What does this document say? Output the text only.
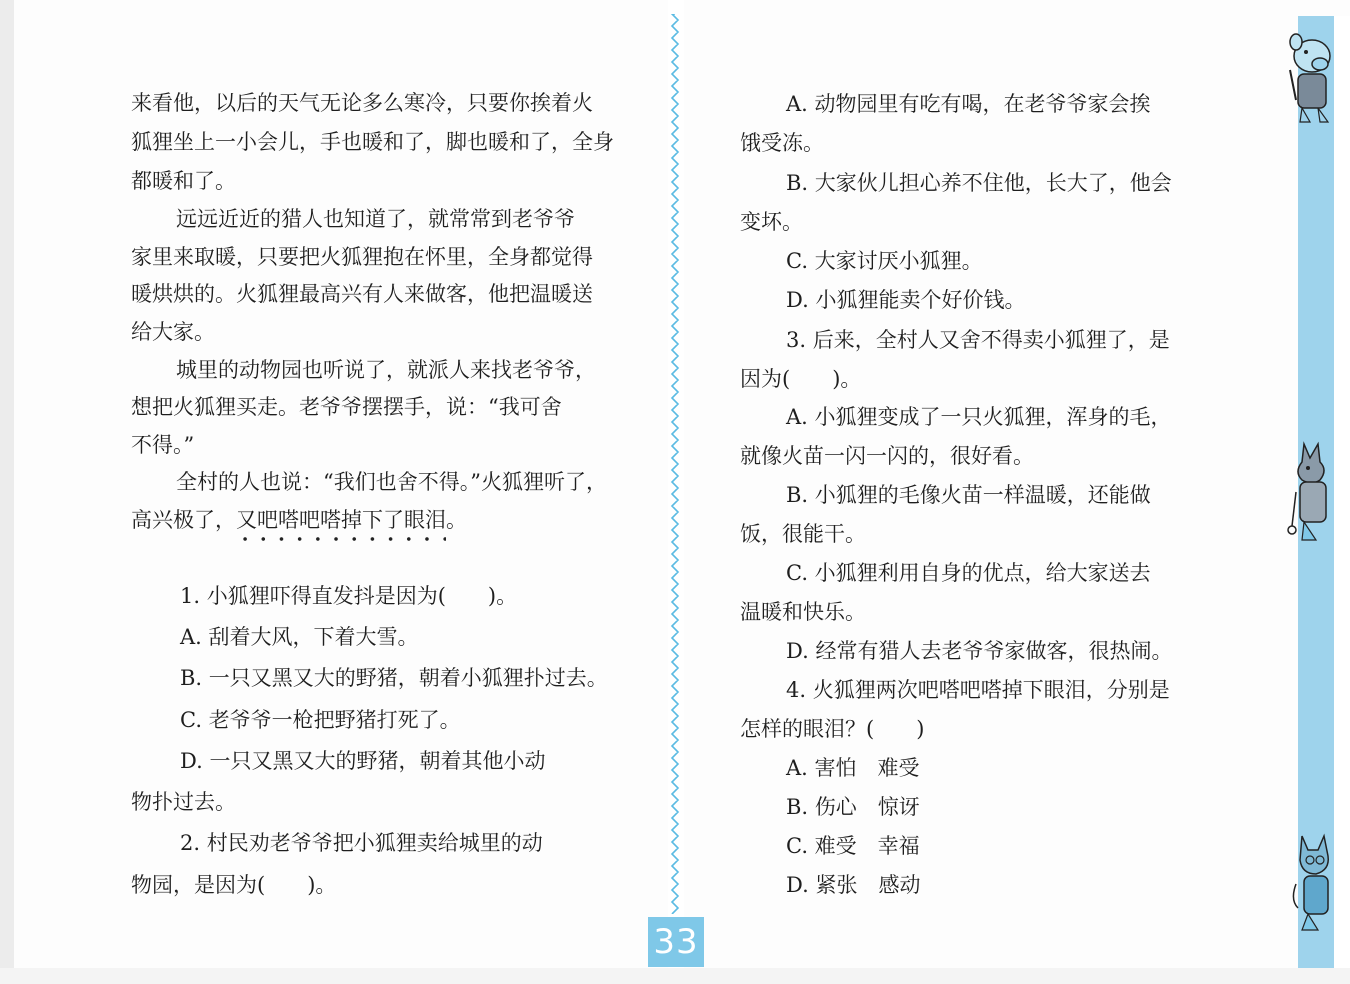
来看他，以后的天气无论多么寒冷，只要你挨着火

狐狸坐上一小会儿，手也暖和了，脚也暖和了，全身

都暖和了。

远远近近的猎人也知道了，就常常到老爷爷

家里来取暖，只要把火狐狸抱在怀里，全身都觉得

暖烘烘的。火狐狸最高兴有人来做客，他把温暖送

给大家。

城里的动物园也听说了，就派人来找老爷爷，

想把火狐狸买走。老爷爷摆摆手，说：“我可舍

不得。”

全村的人也说：“我们也舍不得。”火狐狸听了，

高兴极了，又吧嗒吧嗒掉下了眼泪
。

1. 小狐狸吓得直发抖是因为(　　)。

A. 刮着大风，下着大雪。

B. 一只又黑又大的野猪，朝着小狐狸扑过去。

C. 老爷爷一枪把野猪打死了。

D. 一只又黑又大的野猪，朝着其他小动

物扑过去。

2. 村民劝老爷爷把小狐狸卖给城里的动

物园，是因为(　　)。

A. 动物园里有吃有喝，在老爷爷家会挨

饿受冻。

B. 大家伙儿担心养不住他，长大了，他会

变坏。

C. 大家讨厌小狐狸。

D. 小狐狸能卖个好价钱。

3. 后来，全村人又舍不得卖小狐狸了，是

因为(　　)。

A. 小狐狸变成了一只火狐狸，浑身的毛，

就像火苗一闪一闪的，很好看。

B. 小狐狸的毛像火苗一样温暖，还能做

饭，很能干。

C. 小狐狸利用自身的优点，给大家送去

温暖和快乐。

D. 经常有猎人去老爷爷家做客，很热闹。

4. 火狐狸两次吧嗒吧嗒掉下眼泪，分别是

怎样的眼泪？(　　)

A. 害怕　难受

B. 伤心　惊讶

C. 难受　幸福

D. 紧张　感动

33
